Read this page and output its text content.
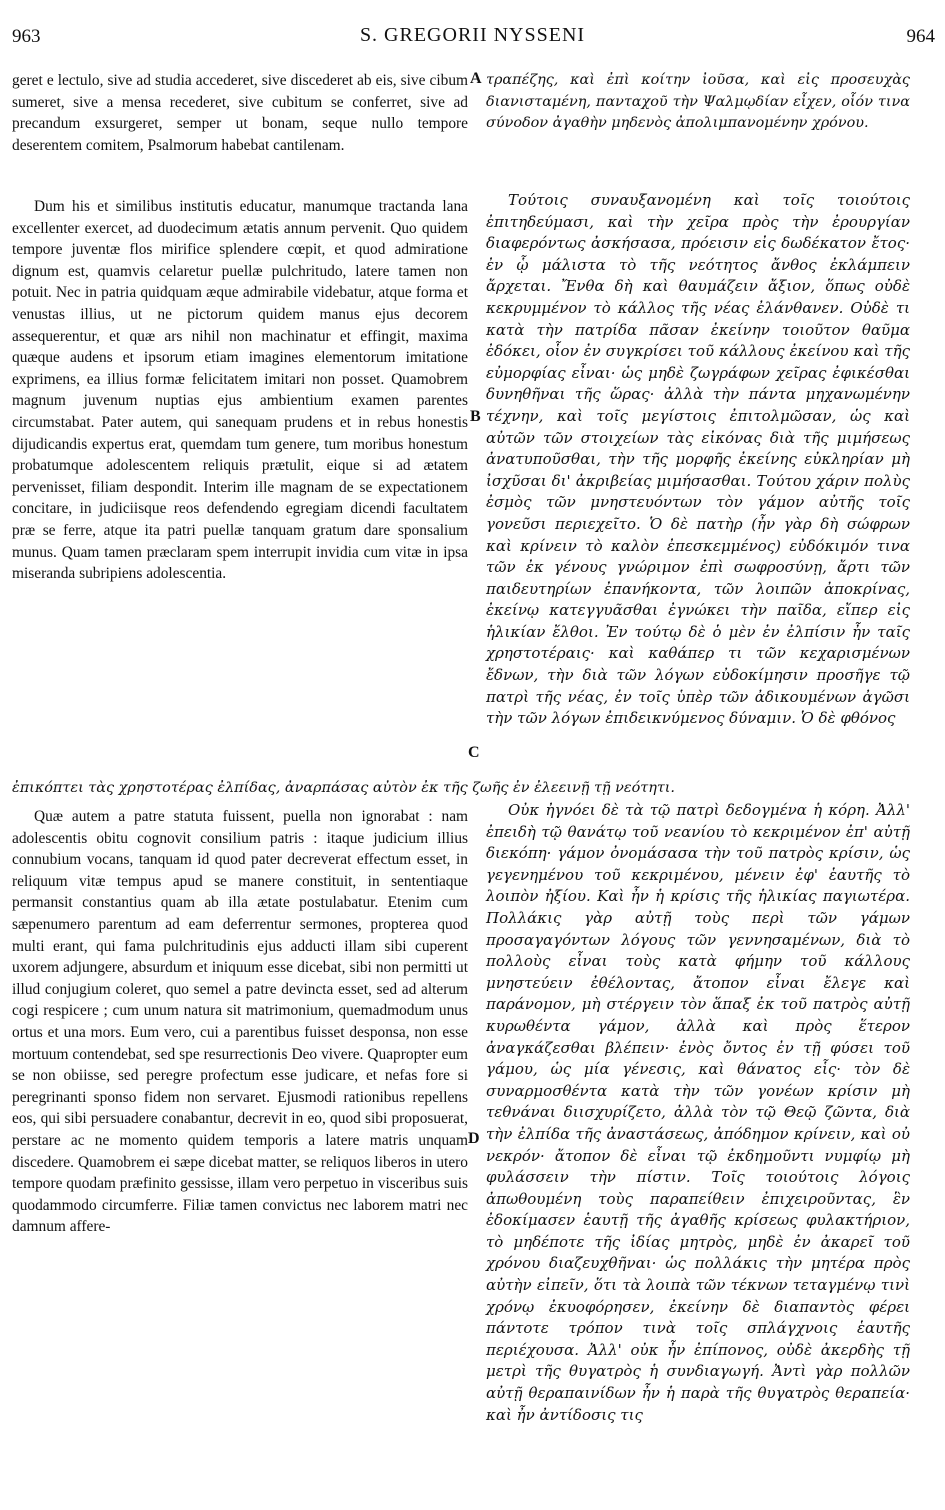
963	S. GREGORII NYSSENI	964

geret e lectulo, sive ad studia accederet, sive discederet ab eis, sive cibum sumeret, sive a mensa recederet, sive cubitum se conferret, sive ad precandum exsurgeret, semper ut bonam, seque nullo tempore deserentem comitem, Psalmorum habebat cantilenam.

τραπέζης, καὶ ἐπὶ κοίτην ἰοῦσα, καὶ εἰς προσευχὰς διανισταμένη, πανταχοῦ τὴν Ψαλμῳδίαν εἶχεν, οἷόν τινα σύνοδον ἀγαθὴν μηδενὸς ἀπολιμπανομένην χρόνου.

Dum his et similibus institutis educatur, manumque tractanda lana excellenter exercet, ad duodecimum ætatis annum pervenit. Quo quidem tempore juventæ flos mirifice splendere cœpit, et quod admiratione dignum est, quamvis celaretur puellæ pulchritudo, latere tamen non potuit. Nec in patria quidquam æque admirabile videbatur, atque forma et venustas illius, ut ne pictorum quidem manus ejus decorem assequerentur, et quæ ars nihil non machinatur et effingit, maxima quæque audens et ipsorum etiam imagines elementorum imitatione exprimens, ea illius formæ felicitatem imitari non posset. Quamobrem magnum juvenum nuptias ejus ambientium examen parentes circumstabat. Pater autem, qui sanequam prudens et in rebus honestis dijudicandis expertus erat, quemdam tum genere, tum moribus honestum probatumque adolescentem reliquis prætulit, eique si ad ætatem pervenisset, filiam despondit. Interim ille magnam de se expectationem concitare, in judiciisque reos defendendo egregiam dicendi facultatem præ se ferre, atque ita patri puellæ tanquam gratum dare sponsalium munus. Quam tamen præclaram spem interrupit invidia cum vitæ in ipsa miseranda subripiens adolescentia.

Τούτοις συναυξανομένη καὶ τοῖς τοιούτοις ἐπιτηδεύμασι, καὶ τὴν χεῖρα πρὸς τὴν ἐρουργίαν διαφερόντως ἀσκήσασα, πρόεισιν εἰς δωδέκατον ἔτος· ἐν ᾧ μάλιστα τὸ τῆς νεότητος ἄνθος ἐκλάμπειν ἄρχεται. Ἔνθα δὴ καὶ θαυμάζειν ἄξιον, ὅπως οὐδὲ κεκρυμμένον τὸ κάλλος τῆς νέας ἐλάνθανεν. Οὐδὲ τι κατὰ τὴν πατρίδα πᾶσαν ἐκείνην τοιοῦτον θαῦμα ἐδόκει, οἷον ἐν συγκρίσει τοῦ κάλλους ἐκείνου καὶ τῆς εὐμορφίας εἶναι· ὡς μηδὲ ζωγράφων χεῖρας ἐφικέσθαι δυνηθῆναι τῆς ὥρας· ἀλλὰ τὴν πάντα μηχανωμένην τέχνην, καὶ τοῖς μεγίστοις ἐπιτολμῶσαν, ὡς καὶ αὐτῶν τῶν στοιχείων τὰς εἰκόνας διὰ τῆς μιμήσεως ἀνατυποῦσθαι, τὴν τῆς μορφῆς ἐκείνης εὐκληρίαν μὴ ἰσχῦσαι δι' ἀκριβείας μιμήσασθαι. Τούτου χάριν πολὺς ἐσμὸς τῶν μνηστευόντων τὸν γάμον αὐτῆς τοῖς γονεῦσι περιεχεῖτο. Ὁ δὲ πατὴρ (ἦν γὰρ δὴ σώφρων καὶ κρίνειν τὸ καλὸν ἐπεσκεμμένος) εὐδόκιμόν τινα τῶν ἐκ γένους γνώριμον ἐπὶ σωφροσύνῃ, ἄρτι τῶν παιδευτηρίων ἐπανήκοντα, τῶν λοιπῶν ἀποκρίνας, ἐκείνῳ κατεγγυᾶσθαι ἐγνώκει τὴν παῖδα, εἴπερ εἰς ἡλικίαν ἔλθοι. Ἐν τούτῳ δὲ ὁ μὲν ἐν ἐλπίσιν ἦν ταῖς χρηστοτέραις· καὶ καθάπερ τι τῶν κεχαρισμένων ἔδνων, τὴν διὰ τῶν λόγων εὐδοκίμησιν προσῆγε τῷ πατρὶ τῆς νέας, ἐν τοῖς ὑπὲρ τῶν ἀδικουμένων ἀγῶσι τὴν τῶν λόγων ἐπιδεικνύμενος δύναμιν. Ὁ δὲ φθόνος

ἐπικόπτει τὰς χρηστοτέρας ἐλπίδας, ἀναρπάσας αὐτὸν ἐκ τῆς ζωῆς ἐν ἐλεεινῇ τῇ νεότητι.

Quæ autem a patre statuta fuissent, puella non ignorabat : nam adolescentis obitu cognovit consilium patris : itaque judicium illius connubium vocans, tanquam id quod pater decreverat effectum esset, in reliquum vitæ tempus apud se manere constituit, in sententiaque permansit constantius quam ab illa ætate postulabatur. Etenim cum sæpenumero parentum ad eam deferrentur sermones, propterea quod multi erant, qui fama pulchritudinis ejus adducti illam sibi cuperent uxorem adjungere, absurdum et iniquum esse dicebat, sibi non permitti ut illud conjugium coleret, quo semel a patre devincta esset, sed ad alterum cogi respicere ; cum unum natura sit matrimonium, quemadmodum unus ortus et una mors. Eum vero, cui a parentibus fuisset desponsa, non esse mortuum contendebat, sed spe resurrectionis Deo vivere. Quapropter eum se non obiisse, sed peregre profectum esse judicare, et nefas fore si peregrinanti sponso fidem non servaret. Ejusmodi rationibus repellens eos, qui sibi persuadere conabantur, decrevit in eo, quod sibi proposuerat, perstare ac ne momento quidem temporis a latere matris unquam discedere. Quamobrem ei sæpe dicebat matter, se reliquos liberos in utero tempore quodam præfinito gessisse, illam vero perpetuo in visceribus suis quodammodo circumferre. Filiæ tamen convictus nec laborem matri nec damnum affere-

Οὐκ ἠγνόει δὲ τὰ τῷ πατρὶ δεδογμένα ἡ κόρη. Ἀλλ' ἐπειδὴ τῷ θανάτῳ τοῦ νεανίου τὸ κεκριμένον ἐπ' αὐτῇ διεκόπη· γάμον ὀνομάσασα τὴν τοῦ πατρὸς κρίσιν, ὡς γεγενημένου τοῦ κεκριμένου, μένειν ἐφ' ἑαυτῆς τὸ λοιπὸν ἠξίου. Καὶ ἦν ἡ κρίσις τῆς ἡλικίας παγιωτέρα. Πολλάκις γὰρ αὐτῇ τοὺς περὶ τῶν γάμων προσαγαγόντων λόγους τῶν γεννησαμένων, διὰ τὸ πολλοὺς εἶναι τοὺς κατὰ φήμην τοῦ κάλλους μνηστεύειν ἐθέλοντας, ἄτοπον εἶναι ἔλεγε καὶ παράνομον, μὴ στέργειν τὸν ἅπαξ ἐκ τοῦ πατρὸς αὐτῇ κυρωθέντα γάμον, ἀλλὰ καὶ πρὸς ἕτερον ἀναγκάζεσθαι βλέπειν· ἑνὸς ὄντος ἐν τῇ φύσει τοῦ γάμου, ὡς μία γένεσις, καὶ θάνατος εἷς· τὸν δὲ συναρμοσθέντα κατὰ τὴν τῶν γονέων κρίσιν μὴ τεθνάναι διισχυρίζετο, ἀλλὰ τὸν τῷ Θεῷ ζῶντα, διὰ τὴν ἐλπίδα τῆς ἀναστάσεως, ἀπόδημον κρίνειν, καὶ οὐ νεκρόν· ἄτοπον δὲ εἶναι τῷ ἐκδημοῦντι νυμφίῳ μὴ φυλάσσειν τὴν πίστιν. Τοῖς τοιούτοις λόγοις ἀπωθουμένη τοὺς παραπείθειν ἐπιχειροῦντας, ἓν ἐδοκίμασεν ἑαυτῇ τῆς ἀγαθῆς κρίσεως φυλακτήριον, τὸ μηδέποτε τῆς ἰδίας μητρὸς, μηδὲ ἐν ἀκαρεῖ τοῦ χρόνου διαζευχθῆναι· ὡς πολλάκις τὴν μητέρα πρὸς αὐτὴν εἰπεῖν, ὅτι τὰ λοιπὰ τῶν τέκνων τεταγμένῳ τινὶ χρόνῳ ἐκυοφόρησεν, ἐκείνην δὲ διαπαντὸς φέρει πάντοτε τρόπον τινὰ τοῖς σπλάγχνοις ἑαυτῆς περιέχουσα. Ἀλλ' οὐκ ἦν ἐπίπονος, οὐδὲ ἀκερδὴς τῇ μετρὶ τῆς θυγατρὸς ἡ συνδιαγωγή. Ἀντὶ γὰρ πολλῶν αὐτῇ θεραπαινίδων ἦν ἡ παρὰ τῆς θυγατρὸς θεραπεία· καὶ ἦν ἀντίδοσις τις

A
B
C
D
